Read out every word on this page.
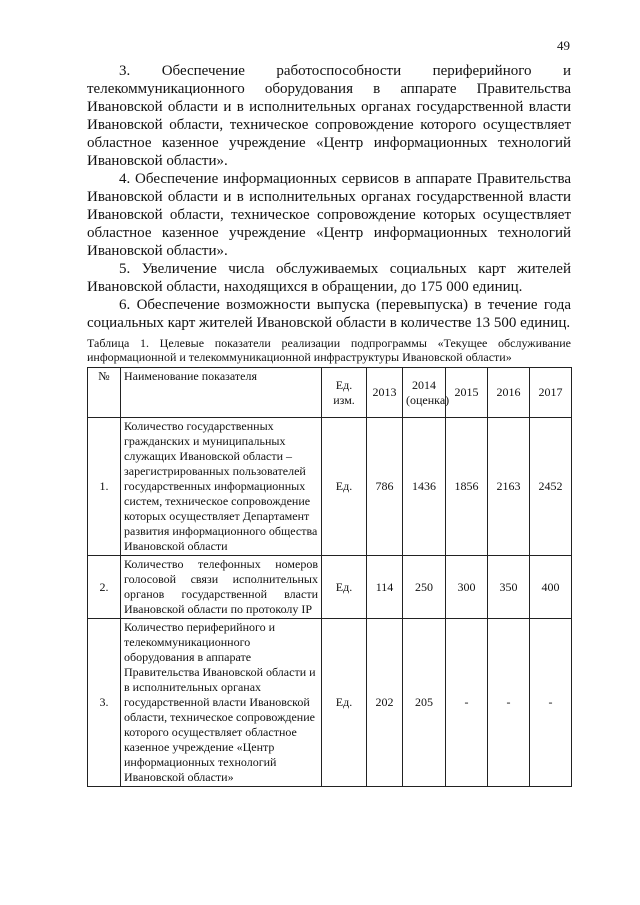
49

3. Обеспечение работоспособности периферийного и телекоммуникационного оборудования в аппарате Правительства Ивановской области и в исполнительных органах государственной власти Ивановской области, техническое сопровождение которого осуществляет областное казенное учреждение «Центр информационных технологий Ивановской области».

4. Обеспечение информационных сервисов в аппарате Правительства Ивановской области и в исполнительных органах государственной власти Ивановской области, техническое сопровождение которых осуществляет областное казенное учреждение «Центр информационных технологий Ивановской области».

5. Увеличение числа обслуживаемых социальных карт жителей Ивановской области, находящихся в обращении, до 175 000 единиц.

6. Обеспечение возможности выпуска (перевыпуска) в течение года социальных карт жителей Ивановской области в количестве 13 500 единиц.

Таблица 1. Целевые показатели реализации подпрограммы «Текущее обслуживание информационной и телекоммуникационной инфраструктуры Ивановской области»
№	Наименование показателя	Ед. изм.	2013	2014 (оценка)	2015	2016	2017
1.	Количество государственных гражданских и муниципальных служащих Ивановской области – зарегистрированных пользователей государственных информационных систем, техническое сопровождение которых осуществляет Департамент развития информационного общества Ивановской области	Ед.	786	1436	1856	2163	2452
2.	Количество телефонных номеров голосовой связи исполнительных органов государственной власти Ивановской области по протоколу IP	Ед.	114	250	300	350	400
3.	Количество периферийного и телекоммуникационного оборудования в аппарате Правительства Ивановской области и в исполнительных органах государственной власти Ивановской области, техническое сопровождение которого осуществляет областное казенное учреждение «Центр информационных технологий Ивановской области»	Ед.	202	205	-	-	-
